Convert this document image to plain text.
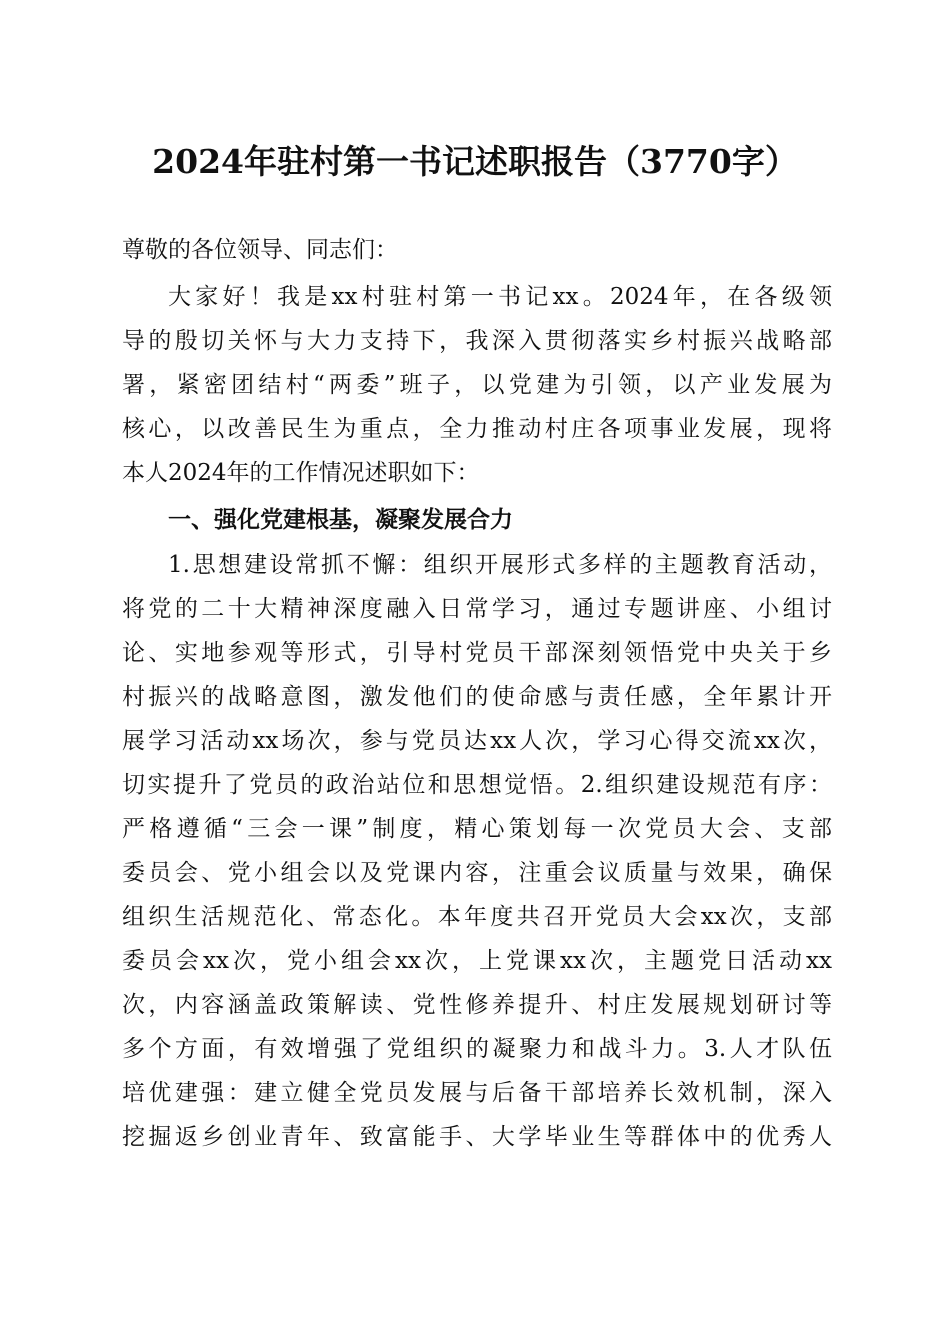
2024年驻村第一书记述职报告（3770字）
尊敬的各位领导、同志们：
大家好！我是xx村驻村第一书记xx。2024年，在各级领
导的殷切关怀与大力支持下，我深入贯彻落实乡村振兴战略部
署，紧密团结村“两委”班子，以党建为引领，以产业发展为
核心，以改善民生为重点，全力推动村庄各项事业发展，现将
本人2024年的工作情况述职如下：
一、强化党建根基，凝聚发展合力
1.思想建设常抓不懈：组织开展形式多样的主题教育活动，
将党的二十大精神深度融入日常学习，通过专题讲座、小组讨
论、实地参观等形式，引导村党员干部深刻领悟党中央关于乡
村振兴的战略意图，激发他们的使命感与责任感，全年累计开
展学习活动xx场次，参与党员达xx人次，学习心得交流xx次，
切实提升了党员的政治站位和思想觉悟。2.组织建设规范有序：
严格遵循“三会一课”制度，精心策划每一次党员大会、支部
委员会、党小组会以及党课内容，注重会议质量与效果，确保
组织生活规范化、常态化。本年度共召开党员大会xx次，支部
委员会xx次，党小组会xx次，上党课xx次，主题党日活动xx
次，内容涵盖政策解读、党性修养提升、村庄发展规划研讨等
多个方面，有效增强了党组织的凝聚力和战斗力。3.人才队伍
培优建强：建立健全党员发展与后备干部培养长效机制，深入
挖掘返乡创业青年、致富能手、大学毕业生等群体中的优秀人
